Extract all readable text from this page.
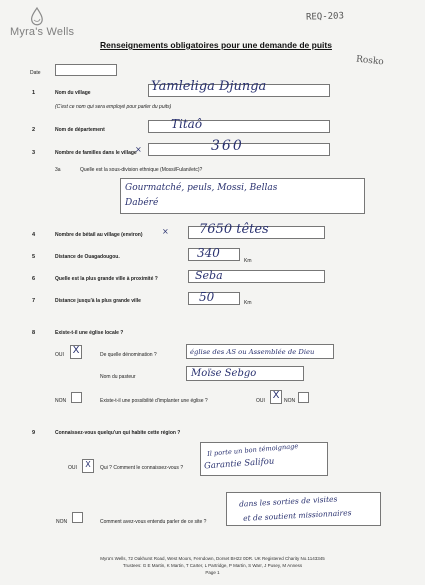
Myra's Wells
REQ-203
Rosko
Renseignements obligatoires pour une demande de puits
Date
1	Nom du village	Yamleliga Djunga
(C'est ce nom qui sera employé pour parler du puits)
2	Nom de département	Titaô
3	Nombre de familles dans le village
×	360
3a	Quelle est la sous-division ethnique (Mossi/Fulani/etc)?
Gourmatché, peuls, Mossi, Bellas
Dabéré
4	Nombre de bétail au village (environ) × 7650 têtes
5	Distance de Ouagadougou.	340
Km
6	Quelle est la plus grande ville à proximité ?	Seba
7	Distance jusqu'à la plus grande ville	50	Km
8	Existe-t-il une église locale ?
OUI X	De quelle dénomination ?	église des AS ou Assemblée de Dieu
Nom du pasteur	Moïse Sebgo
NON	Existe-t-il une possibilité d'implanter une église ?	OUI X NON
9	Connaissez-vous quelqu'un qui habite cette région ?
OUI X	Qui ? Comment le connaissez-vous ?
Il porte un bon témoignage
Garantie Salifou
NON	Comment avez-vous entendu parler de ce site ?
dans les sorties de visites
et de soutient missionnaires
Myra's Wells, 72 Oakhurst Road, West Moors, Ferndown, Dorset BH22 0DR. UK Registered Charity No.1143345
Trustees: G E Martin, K Martin, T Carter, L Partridge, P Martin, S Warr, J Pusey, M Anness
Page 1
